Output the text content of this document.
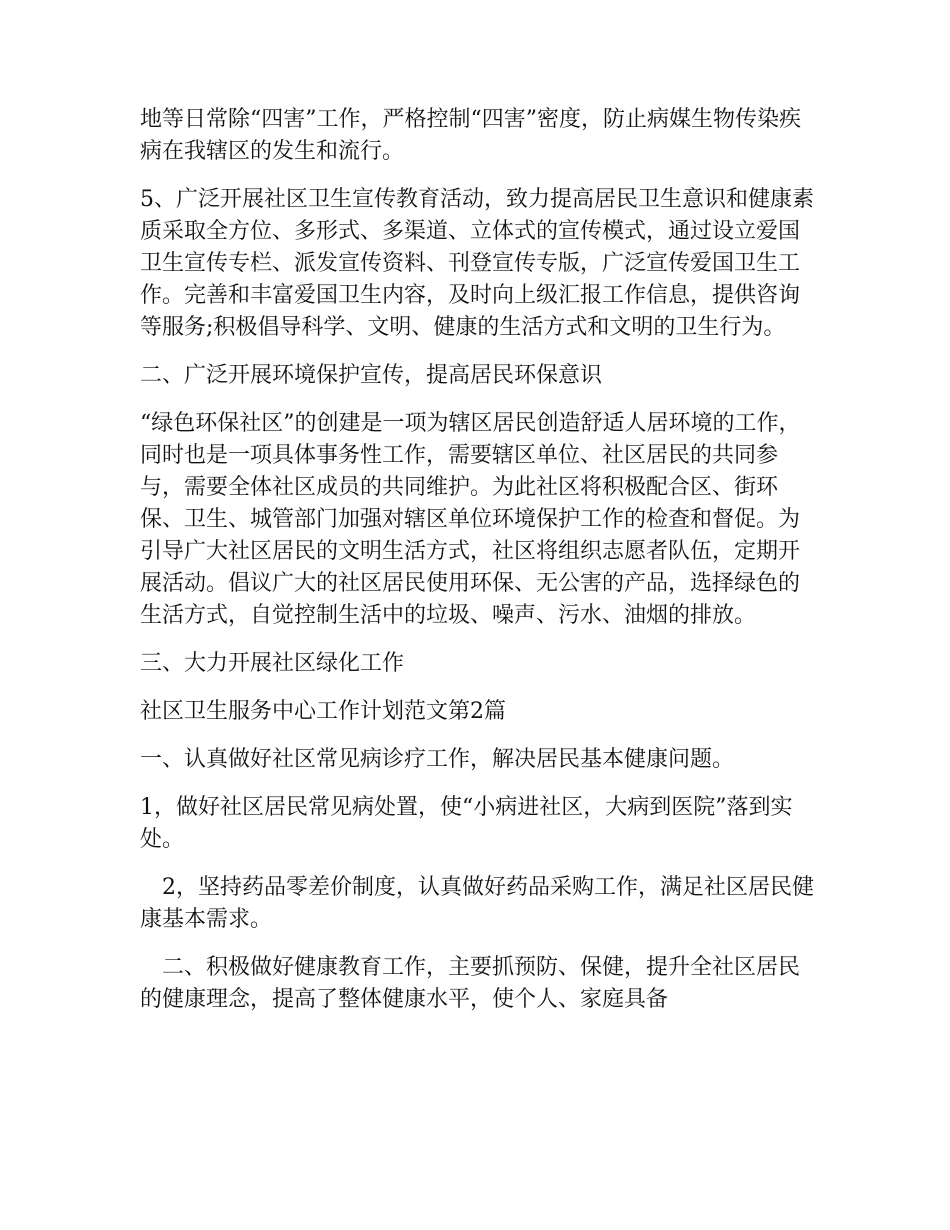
地等日常除“四害”工作，严格控制“四害”密度，防止病媒生物传染疾病在我辖区的发生和流行。

5、广泛开展社区卫生宣传教育活动，致力提高居民卫生意识和健康素质采取全方位、多形式、多渠道、立体式的宣传模式，通过设立爱国卫生宣传专栏、派发宣传资料、刊登宣传专版，广泛宣传爱国卫生工作。完善和丰富爱国卫生内容，及时向上级汇报工作信息，提供咨询等服务;积极倡导科学、文明、健康的生活方式和文明的卫生行为。

二、广泛开展环境保护宣传，提高居民环保意识

“绿色环保社区”的创建是一项为辖区居民创造舒适人居环境的工作，同时也是一项具体事务性工作，需要辖区单位、社区居民的共同参与，需要全体社区成员的共同维护。为此社区将积极配合区、街环保、卫生、城管部门加强对辖区单位环境保护工作的检查和督促。为引导广大社区居民的文明生活方式，社区将组织志愿者队伍，定期开展活动。倡议广大的社区居民使用环保、无公害的产品，选择绿色的生活方式，自觉控制生活中的垃圾、噪声、污水、油烟的排放。

三、大力开展社区绿化工作

社区卫生服务中心工作计划范文第2篇

一、认真做好社区常见病诊疗工作，解决居民基本健康问题。

1，做好社区居民常见病处置，使“小病进社区，大病到医院”落到实处。

2，坚持药品零差价制度，认真做好药品采购工作，满足社区居民健康基本需求。

二、积极做好健康教育工作，主要抓预防、保健，提升全社区居民的健康理念，提高了整体健康水平，使个人、家庭具备
